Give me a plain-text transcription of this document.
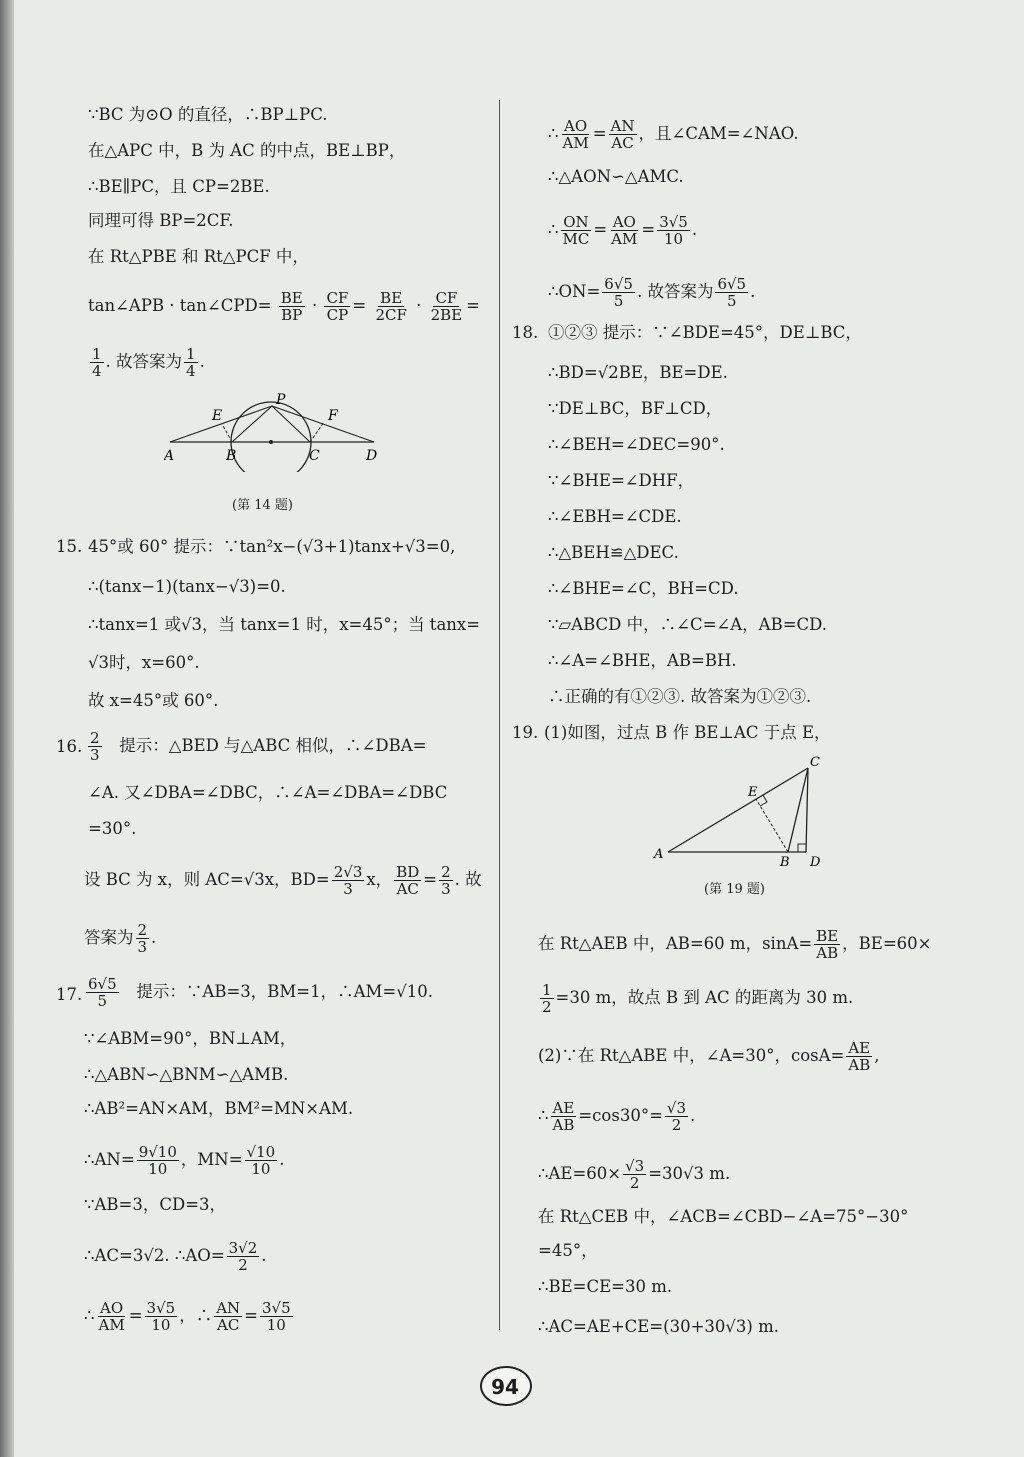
∵BC 为⊙O 的直径，∴BP⊥PC.
在△APC 中，B 为 AC 的中点，BE⊥BP，
∴BE∥PC，且 CP=2BE.
同理可得 BP=2CF.
在 Rt△PBE 和 Rt△PCF 中，
tan∠APB · tan∠CPD= $\frac{BE}{BP} \cdot \frac{CF}{CP} = \frac{BE}{2CF} \cdot \frac{CF}{2BE}$ =
$\frac{1}{4}$ . 故答案为 $\frac{1}{4}$ .
A	B	C	D
E	F
P
(第 14 题)
15. 45°或 60° 提示：∵tan²x−(√3+1)tanx+√3=0,
∴(tanx−1)(tanx−√3)=0.
∴tanx=1 或√3，当 tanx=1 时，x=45°；当 tanx=
√3时，x=60°.
故 x=45°或 60°.
16. $\frac{2}{3}$ 提示：△BED 与△ABC 相似，∴∠DBA=
∠A. 又∠DBA=∠DBC，∴∠A=∠DBA=∠DBC
=30°.
设 BC 为 x，则 AC=√3x，$BD= \frac{2√3}{3}$ x， $\frac{BD}{AC} = \frac{2}{3}$ . 故
答案为 $\frac{2}{3}$ .
17. $\frac{6√5}{5}$ 提示：∵AB=3，BM=1，∴AM=√10.
∵∠ABM=90°，BN⊥AM，
∴△ABN∽△BNM∽△AMB.
∴AB²=AN×AM，BM²=MN×AM.
∴AN= $\frac{9√10}{10}$ ，$MN= \frac{√10}{10}$ .
∵AB=3，CD=3，
∴AC=3√2. ∴AO= $\frac{3√2}{2}$ .
∴ $\frac{AO}{AM} = \frac{3√5}{10}$ ，∴ $\frac{AN}{AC} = \frac{3√5}{10}$
∴ $\frac{AO}{AM} = \frac{AN}{AC}$ ，且∠CAM=∠NAO.
∴△AON∽△AMC.
∴ $\frac{ON}{MC} = \frac{AO}{AM} = \frac{3√5}{10}$ .
∴ON= $\frac{6√5}{5}$ . 故答案为 $\frac{6√5}{5}$ .
18. ①②③ 提示：∵∠BDE=45°，DE⊥BC，
∴BD=√2BE，BE=DE.
∵DE⊥BC，BF⊥CD，
∴∠BEH=∠DEC=90°.
∵∠BHE=∠DHF，
∴∠EBH=∠CDE.
∴△BEH≌△DEC.
∴∠BHE=∠C，BH=CD.
∵▱ABCD 中，∴∠C=∠A，AB=CD.
∴∠A=∠BHE，AB=BH.
∴正确的有①②③. 故答案为①②③.
19. (1)如图，过点 B 作 BE⊥AC 于点 E，
A
B
C
D
E
(第 19 题)
在 Rt△AEB 中，AB=60 m，$\sin A= \frac{BE}{AB}$ ，BE=60×
$\frac{1}{2} =30$ m，故点 B 到 AC 的距离为 30 m.
(2)∵在 Rt△ABE 中，∠A=30°，$\cos A= \frac{AE}{AB}$ ,
∴ $\frac{AE}{AB} =\cos 30^\circ= \frac{√3}{2}$ .
∴AE=60× $\frac{√3}{2} =30√3$ m.
在 Rt△CEB 中，∠ACB=∠CBD−∠A=75°−30°
=45°，
∴BE=CE=30 m.
∴AC=AE+CE=(30+30√3) m.
94
